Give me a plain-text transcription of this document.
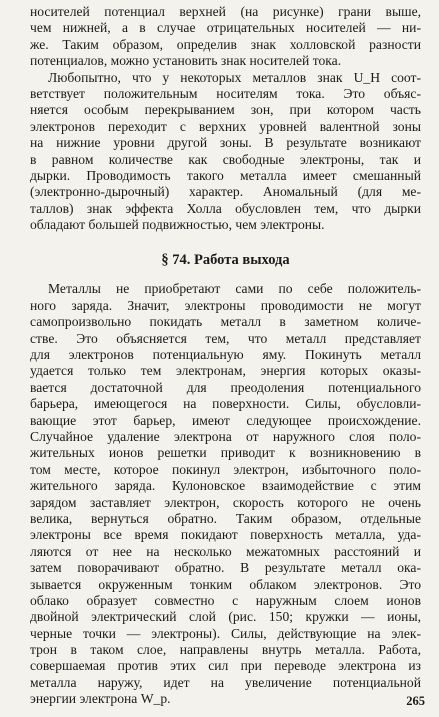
носителей потенциал верхней (на рисунке) грани выше,
чем нижней, а в случае отрицательных носителей — ни-
же. Таким образом, определив знак холловской разности
потенциалов, можно установить знак носителей тока.
Любопытно, что у некоторых металлов знак U_H соот-
ветствует положительным носителям тока. Это объяс-
няется особым перекрыванием зон, при котором часть
электронов переходит с верхних уровней валентной зоны
на нижние уровни другой зоны. В результате возникают
в равном количестве как свободные электроны, так и
дырки. Проводимость такого металла имеет смешанный
(электронно-дырочный) характер. Аномальный (для ме-
таллов) знак эффекта Холла обусловлен тем, что дырки
обладают большей подвижностью, чем электроны.
§ 74. Работа выхода
Металлы не приобретают сами по себе положитель-
ного заряда. Значит, электроны проводимости не могут
самопроизвольно покидать металл в заметном количе-
стве. Это объясняется тем, что металл представляет
для электронов потенциальную яму. Покинуть металл
удается только тем электронам, энергия которых оказы-
вается достаточной для преодоления потенциального
барьера, имеющегося на поверхности. Силы, обусловли-
вающие этот барьер, имеют следующее происхождение.
Случайное удаление электрона от наружного слоя поло-
жительных ионов решетки приводит к возникновению в
том месте, которое покинул электрон, избыточного поло-
жительного заряда. Кулоновское взаимодействие с этим
зарядом заставляет электрон, скорость которого не очень
велика, вернуться обратно. Таким образом, отдельные
электроны все время покидают поверхность металла, уда-
ляются от нее на несколько межатомных расстояний и
затем поворачивают обратно. В результате металл ока-
зывается окруженным тонким облаком электронов. Это
облако образует совместно с наружным слоем ионов
двойной электрический слой (рис. 150; кружки — ионы,
черные точки — электроны). Силы, действующие на элек-
трон в таком слое, направлены внутрь металла. Работа,
совершаемая против этих сил при переводе электрона из
металла наружу, идет на увеличение потенциальной
энергии электрона W_p.	265
